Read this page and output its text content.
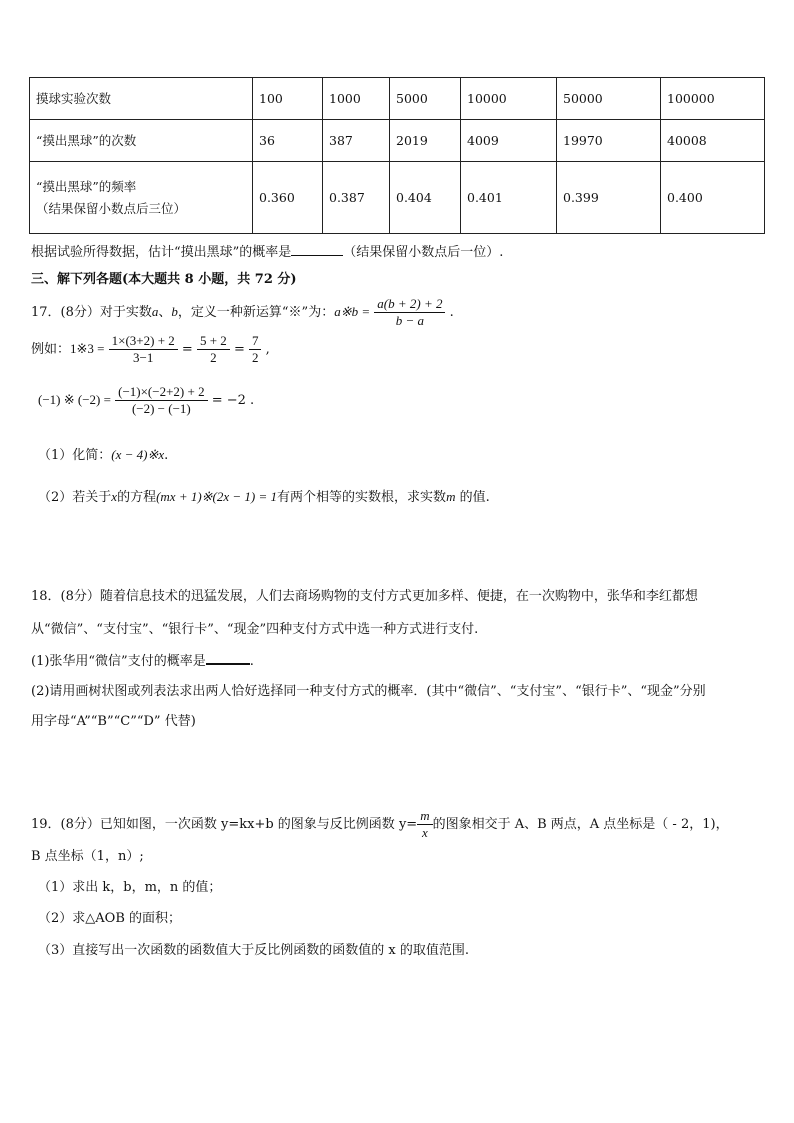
摸球实验次数	100	1000	5000	10000	50000	100000
“摸出黑球”的次数	36	387	2019	4009	19970	40008

“摸出黑球”的频率
（结果保留小数点后三位）	0.360	0.387	0.404	0.401	0.399	0.400
根据试验所得数据，估计“摸出黑球”的概率是	（结果保留小数点后一位）.
三、解下列各题(本大题共 8 小题，共 72 分)
17．(8分）对于实数a、b，定义一种新运算“※”为：a※b = $\frac{a(b + 2) + 2}{b - a}$ .
例如：1※3 = $\frac{1\times(3+2) + 2}{3-1} = \frac{5 + 2}{2} = \frac{7}{2}$ ,
(−1) ※ $(-2) = \frac{(-1)\times(-2+2) + 2}{(-2) - (-1)} = -2$ .
（1）化简：(x − 4)※x.
（2）若关于x的方程(mx + 1)※(2x − 1) = 1有两个相等的实数根，求实数m 的值.
18．(8分）随着信息技术的迅猛发展，人们去商场购物的支付方式更加多样、便捷，在一次购物中，张华和李红都想
从“微信”、“支付宝”、“银行卡”、“现金”四种支付方式中选一种方式进行支付.
(1)张华用“微信”支付的概率是	.
(2)请用画树状图或列表法求出两人恰好选择同一种支付方式的概率．(其中“微信”、“支付宝”、“银行卡”、“现金”分别
用字母“A”“B”“C”“D” 代替)
19．(8分）已知如图，一次函数 y=kx+b 的图象与反比例函数 $y= \frac{m}{x}$ 的图象相交于 A、B 两点，A 点坐标是（ - 2，1)，
B 点坐标（1，n）;
（1）求出 k，b，m，n 的值；
（2）求△AOB 的面积；
（3）直接写出一次函数的函数值大于反比例函数的函数值的 x 的取值范围.
